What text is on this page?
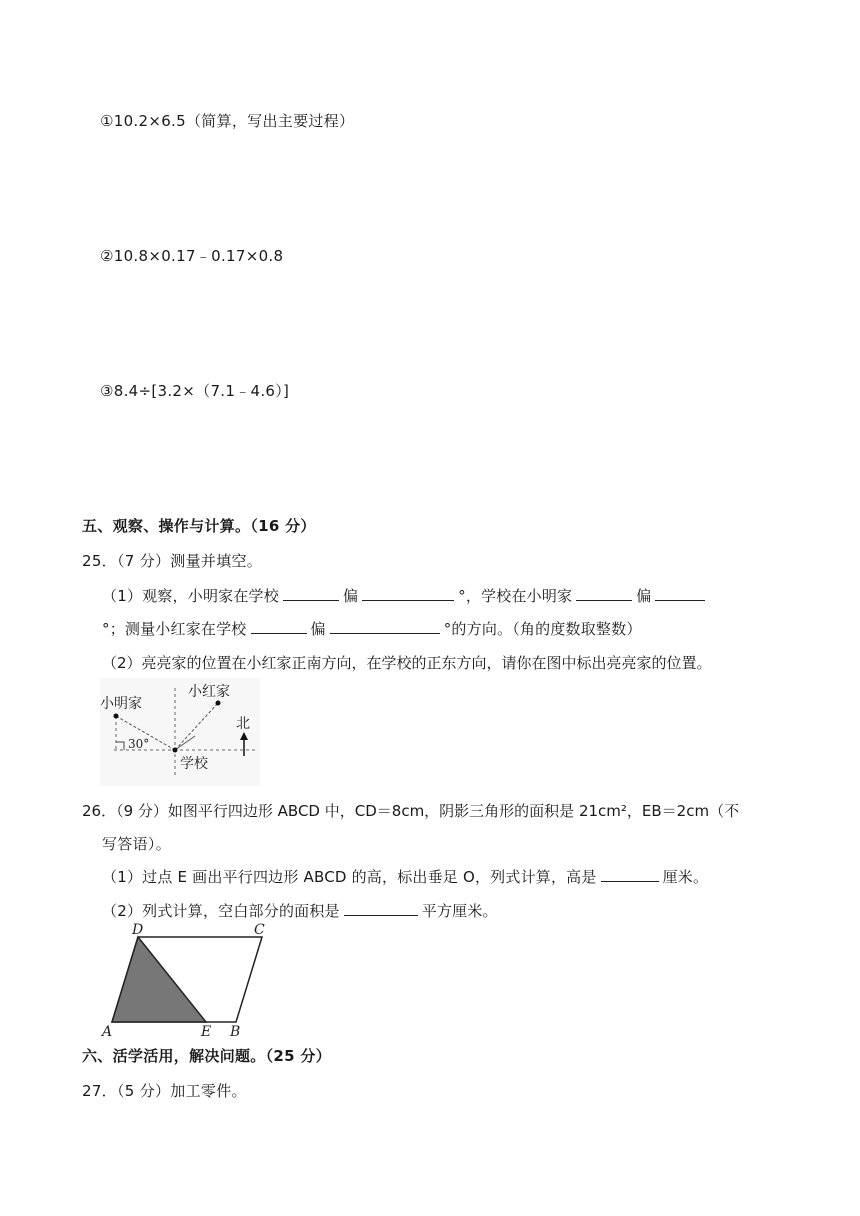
①10.2×6.5（简算，写出主要过程）
②10.8×0.17﹣0.17×0.8
③8.4÷[3.2×（7.1﹣4.6）]
五、观察、操作与计算。（16 分）
25．（7 分）测量并填空。
（1）观察，小明家在学校	偏	°，学校在小明家	偏
°；测量小红家在学校	偏	°的方向。（角的度数取整数）
（2）亮亮家的位置在小红家正南方向，在学校的正东方向，请你在图中标出亮亮家的位置。
小明家
小红家
30°
学校
北
26．（9 分）如图平行四边形 ABCD 中，CD＝8cm，阴影三角形的面积是 21cm²，EB＝2cm（不
写答语）。
（1）过点 E 画出平行四边形 ABCD 的高，标出垂足 O，列式计算，高是	厘米。
（2）列式计算，空白部分的面积是	平方厘米。
D	C
A	E B
六、活学活用，解决问题。（25 分）
27．（5 分）加工零件。
